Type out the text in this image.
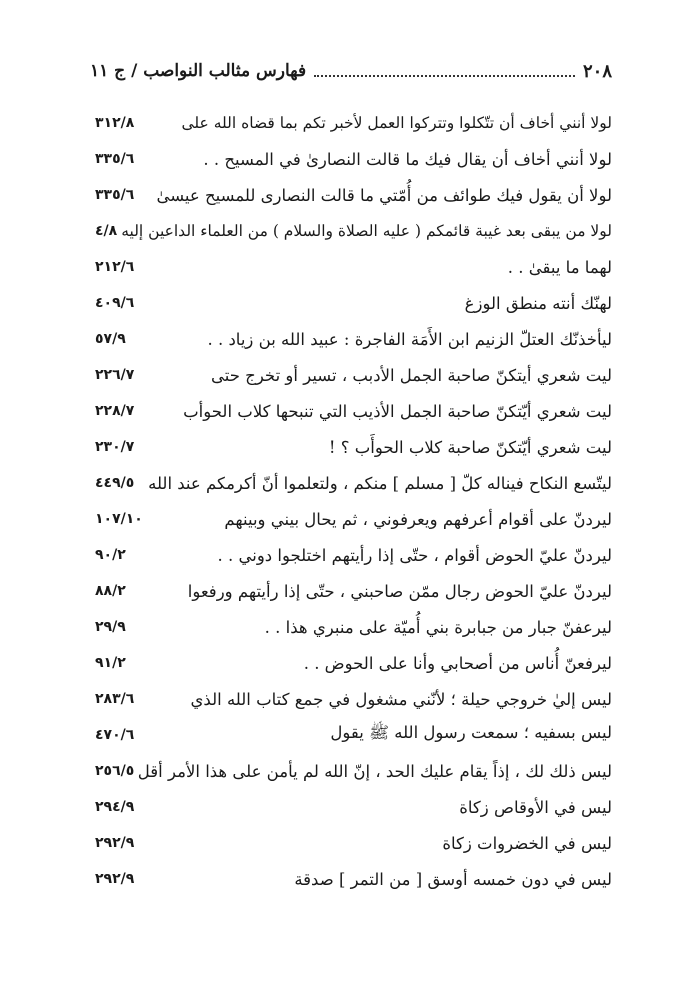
٢٠٨
فهارس مثالب النواصب / ج ١١
٣١٢/٨	لولا أنني أخاف أن تتّكلوا وتتركوا العمل لأخبر تكم بما قضاه الله على
٣٣٥/٦	لولا أنني أخاف أن يقال فيك ما قالت النصارىٰ في المسيح . .
٣٣٥/٦	لولا أن يقول فيك طوائف من أُمّتي ما قالت النصارى للمسيح عيسىٰ
٤/٨ لولا من يبقى بعد غيبة قائمكم ( عليه الصلاة والسلام ) من العلماء الداعين إليه
٢١٢/٦	لهما ما يبقىٰ . .
٤٠٩/٦	لهنّك أنته منطق الوزغ
٥٧/٩	ليأخذنّك العتلّ الزنيم ابن الأَمَة الفاجرة : عبيد الله بن زياد . .
٢٢٦/٧	ليت شعري أيتكنّ صاحبة الجمل الأدبب ، تسير أو تخرج حتى
٢٢٨/٧	ليت شعري أيّتكنّ صاحبة الجمل الأذيب التي تنبحها كلاب الحوأب
٢٣٠/٧	ليت شعري أيّتكنّ صاحبة كلاب الحوأَب ؟ !
٤٤٩/٥ ليتّسع النكاح فيناله كلّ [ مسلم ] منكم ، ولتعلموا أنّ أكرمكم عند الله
١٠٧/١٠	ليردنّ على أقوام أعرفهم ويعرفوني ، ثم يحال بيني وبينهم
٩٠/٢	ليردنّ عليّ الحوض أقوام ، حتّى إذا رأيتهم اختلجوا دوني . .
٨٨/٢	ليردنّ عليّ الحوض رجال ممّن صاحبني ، حتّى إذا رأيتهم ورفعوا
٢٩/٩	ليرعفنّ جبار من جبابرة بني أُميّة على منبري هذا . .
٩١/٢	ليرفعنّ أُناس من أصحابي وأنا على الحوض . .
٢٨٣/٦	ليس إليٰ خروجي حيلة ؛ لأنّني مشغول في جمع كتاب الله الذي
٤٧٠/٦	ليس بسفيه ؛ سمعت رسول الله ﷺ يقول
٢٥٦/٥ ليس ذلك لك ، إذاً يقام عليك الحد ، إنّ الله لم يأمن على هذا الأمر أقل
٢٩٤/٩	ليس في الأوقاص زكاة
٢٩٢/٩	ليس في الخضروات زكاة
٢٩٢/٩	ليس في دون خمسه أوسق [ من التمر ] صدقة
